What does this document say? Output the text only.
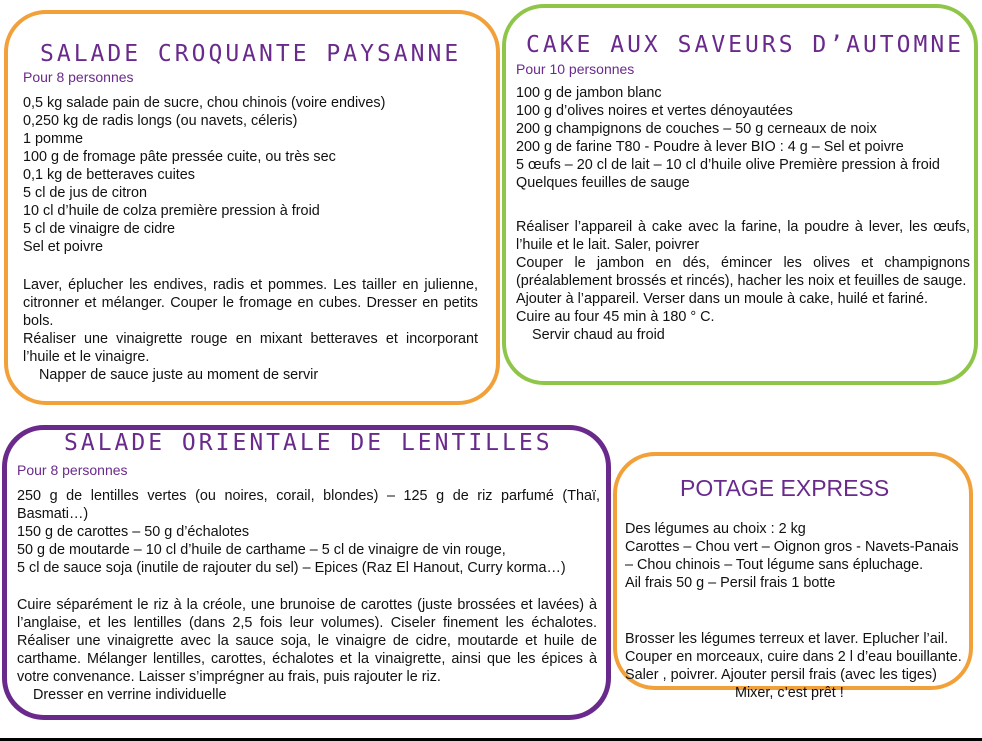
SALADE CROQUANTE PAYSANNE
Pour 8 personnes

0,5 kg salade pain de sucre, chou chinois (voire endives)

0,250 kg de radis longs (ou navets, céleris)

1 pomme

100 g de fromage pâte pressée cuite, ou très sec

0,1 kg de betteraves cuites

5 cl de jus de citron

10 cl d’huile de colza première pression à froid

5 cl de vinaigre de cidre

Sel et poivre

Laver, éplucher les endives, radis et pommes. Les tailler en julienne, citronner et mélanger. Couper le fromage en cubes. Dresser en petits bols.

Réaliser une vinaigrette rouge en mixant betteraves et incorporant l’huile et le vinaigre.

Napper de sauce juste au moment de servir

CAKE AUX SAVEURS D’AUTOMNE
Pour 10 personnes

100 g de jambon blanc

100 g d’olives noires et vertes dénoyautées

200 g champignons de couches – 50 g cerneaux de noix

200 g de farine T80 - Poudre à lever BIO : 4 g – Sel et poivre

5 œufs – 20 cl de lait – 10 cl d’huile olive Première pression à froid

Quelques feuilles de sauge

Réaliser l’appareil à cake avec la farine, la poudre à lever, les œufs, l’huile et le lait. Saler, poivrer

Couper le jambon en dés, émincer les olives et champignons (préalablement brossés et rincés), hacher les noix et feuilles de sauge.

Ajouter à l’appareil. Verser dans un moule à cake, huilé et fariné.

Cuire au four 45 min à 180 ° C.

Servir chaud au froid

SALADE ORIENTALE DE LENTILLES
Pour 8 personnes

250 g de lentilles vertes (ou noires, corail, blondes) – 125 g de riz parfumé (Thaï, Basmati…)

150 g de carottes – 50 g d’échalotes

50 g de moutarde – 10 cl d’huile de carthame – 5 cl de vinaigre de vin rouge,

5 cl de sauce soja (inutile de rajouter du sel) – Epices (Raz El Hanout, Curry korma…)

Cuire séparément le riz à la créole, une brunoise de carottes (juste brossées et lavées) à l’anglaise, et les lentilles (dans 2,5 fois leur volumes). Ciseler finement les échalotes. Réaliser une vinaigrette avec la sauce soja, le vinaigre de cidre, moutarde et huile de carthame. Mélanger lentilles, carottes, échalotes et la vinaigrette, ainsi que les épices à votre convenance. Laisser s’imprégner au frais, puis rajouter le riz.

Dresser en verrine individuelle

POTAGE EXPRESS

Des légumes au choix : 2 kg

Carottes – Chou vert – Oignon gros - Navets-Panais – Chou chinois – Tout légume sans épluchage.

Ail frais 50 g – Persil frais 1 botte

Brosser les légumes terreux et laver. Eplucher l’ail.

Couper en morceaux, cuire dans 2 l d’eau bouillante.

Saler , poivrer. Ajouter persil frais (avec les tiges)

Mixer, c’est prêt !
